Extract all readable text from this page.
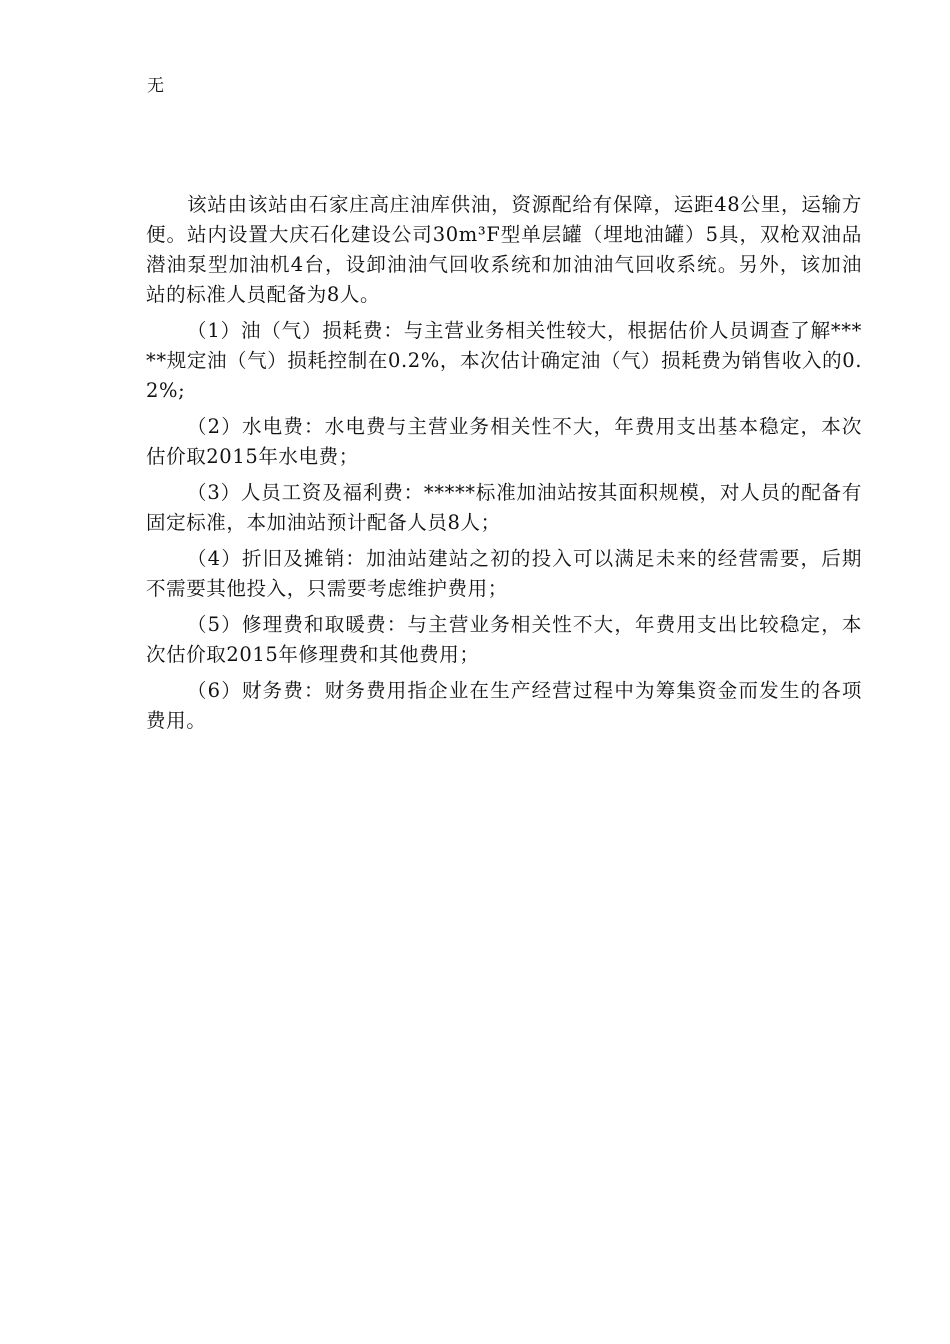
无

该站由该站由石家庄高庄油库供油，资源配给有保障，运距48公里，运输方便。站内设置大庆石化建设公司30m³F型单层罐（埋地油罐）5具，双枪双油品潜油泵型加油机4台，设卸油油气回收系统和加油油气回收系统。另外，该加油站的标准人员配备为8人。

（1）油（气）损耗费：与主营业务相关性较大，根据估价人员调查了解*****规定油（气）损耗控制在0.2%，本次估计确定油（气）损耗费为销售收入的0.2%;

（2）水电费：水电费与主营业务相关性不大，年费用支出基本稳定，本次估价取2015年水电费；

（3）人员工资及福利费：*****标准加油站按其面积规模，对人员的配备有固定标准，本加油站预计配备人员8人；

（4）折旧及摊销：加油站建站之初的投入可以满足未来的经营需要，后期不需要其他投入，只需要考虑维护费用；

（5）修理费和取暖费：与主营业务相关性不大，年费用支出比较稳定，本次估价取2015年修理费和其他费用；

（6）财务费：财务费用指企业在生产经营过程中为筹集资金而发生的各项费用。
